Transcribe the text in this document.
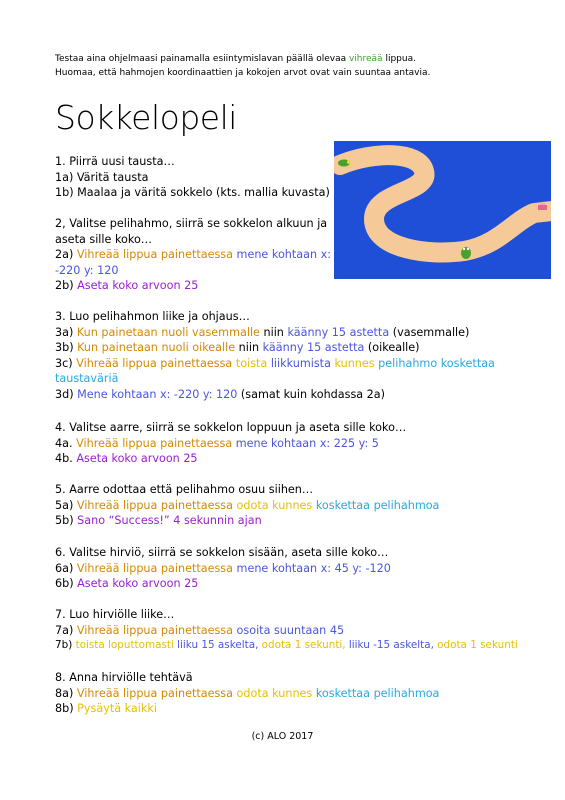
Testaa aina ohjelmaasi painamalla esiintymislavan päällä olevaa vihreää lippua.
Huomaa, että hahmojen koordinaattien ja kokojen arvot ovat vain suuntaa antavia.
Sokkelopeli
1. Piirrä uusi tausta…
1a) Väritä tausta
1b) Maalaa ja väritä sokkelo (kts. mallia kuvasta)
2, Valitse pelihahmo, siirrä se sokkelon alkuun ja
aseta sille koko…
2a) Vihreää lippua painettaessa mene kohtaan x:
-220 y: 120
2b) Aseta koko arvoon 25
3. Luo pelihahmon liike ja ohjaus…
3a) Kun painetaan nuoli vasemmalle niin käänny 15 astetta (vasemmalle)
3b) Kun painetaan nuoli oikealle niin käänny 15 astetta (oikealle)
3c) Vihreää lippua painettaessa toista liikkumista kunnes pelihahmo koskettaa
taustaväriä
3d) Mene kohtaan x: -220 y: 120 (samat kuin kohdassa 2a)
4. Valitse aarre, siirrä se sokkelon loppuun ja aseta sille koko…
4a. Vihreää lippua painettaessa mene kohtaan x: 225 y: 5
4b. Aseta koko arvoon 25
5. Aarre odottaa että pelihahmo osuu siihen…
5a) Vihreää lippua painettaessa odota kunnes koskettaa pelihahmoa
5b) Sano “Success!” 4 sekunnin ajan
6. Valitse hirviö, siirrä se sokkelon sisään, aseta sille koko…
6a) Vihreää lippua painettaessa mene kohtaan x: 45 y: -120
6b) Aseta koko arvoon 25
7. Luo hirviölle liike…
7a) Vihreää lippua painettaessa osoita suuntaan 45
7b) toista loputtomasti liiku 15 askelta, odota 1 sekunti, liiku -15 askelta, odota 1 sekunti
8. Anna hirviölle tehtävä
8a) Vihreää lippua painettaessa odota kunnes koskettaa pelihahmoa
8b) Pysäytä kaikki
(c) ALO 2017
